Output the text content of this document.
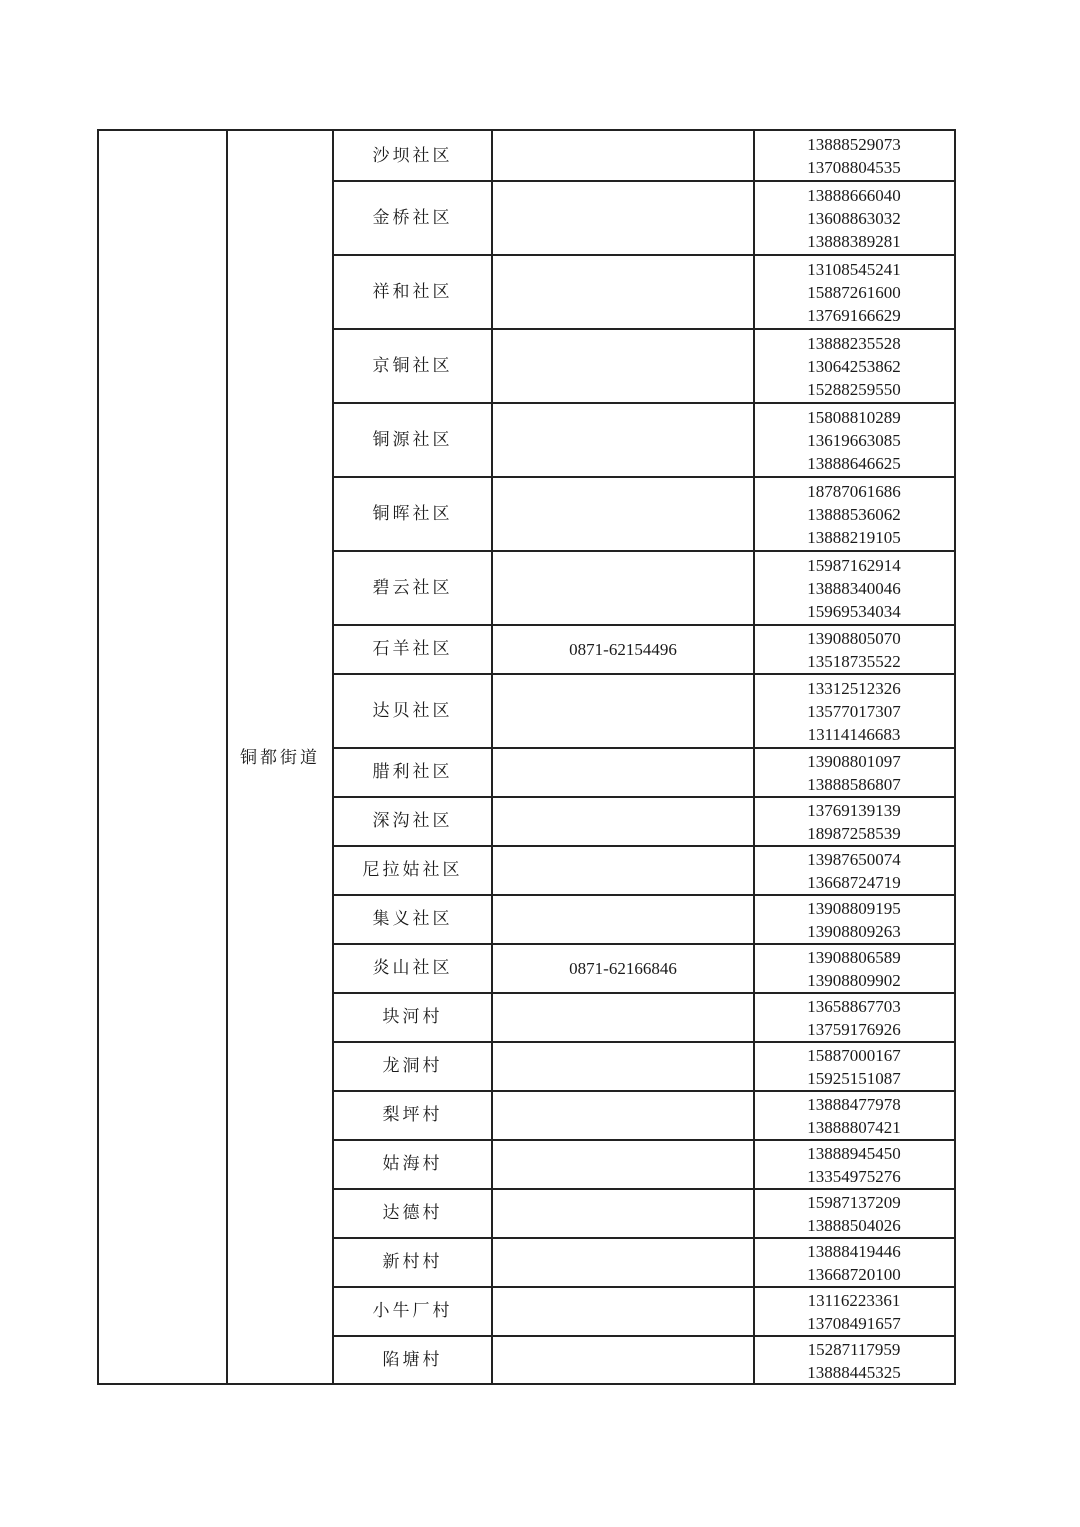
铜都街道
沙坝社区
13888529073
13708804535
金桥社区
13888666040
13608863032
13888389281
祥和社区
13108545241
15887261600
13769166629
京铜社区
13888235528
13064253862
15288259550
铜源社区
15808810289
13619663085
13888646625
铜晖社区
18787061686
13888536062
13888219105
碧云社区
15987162914
13888340046
15969534034
石羊社区	0871-62154496
13908805070
13518735522
达贝社区
13312512326
13577017307
13114146683
腊利社区
13908801097
13888586807
深沟社区
13769139139
18987258539
尼拉姑社区
13987650074
13668724719
集义社区
13908809195
13908809263
炎山社区	0871-62166846
13908806589
13908809902
块河村
13658867703
13759176926
龙洞村
15887000167
15925151087
梨坪村
13888477978
13888807421
姑海村
13888945450
13354975276
达德村
15987137209
13888504026
新村村
13888419446
13668720100
小牛厂村
13116223361
13708491657
陷塘村
15287117959
13888445325
